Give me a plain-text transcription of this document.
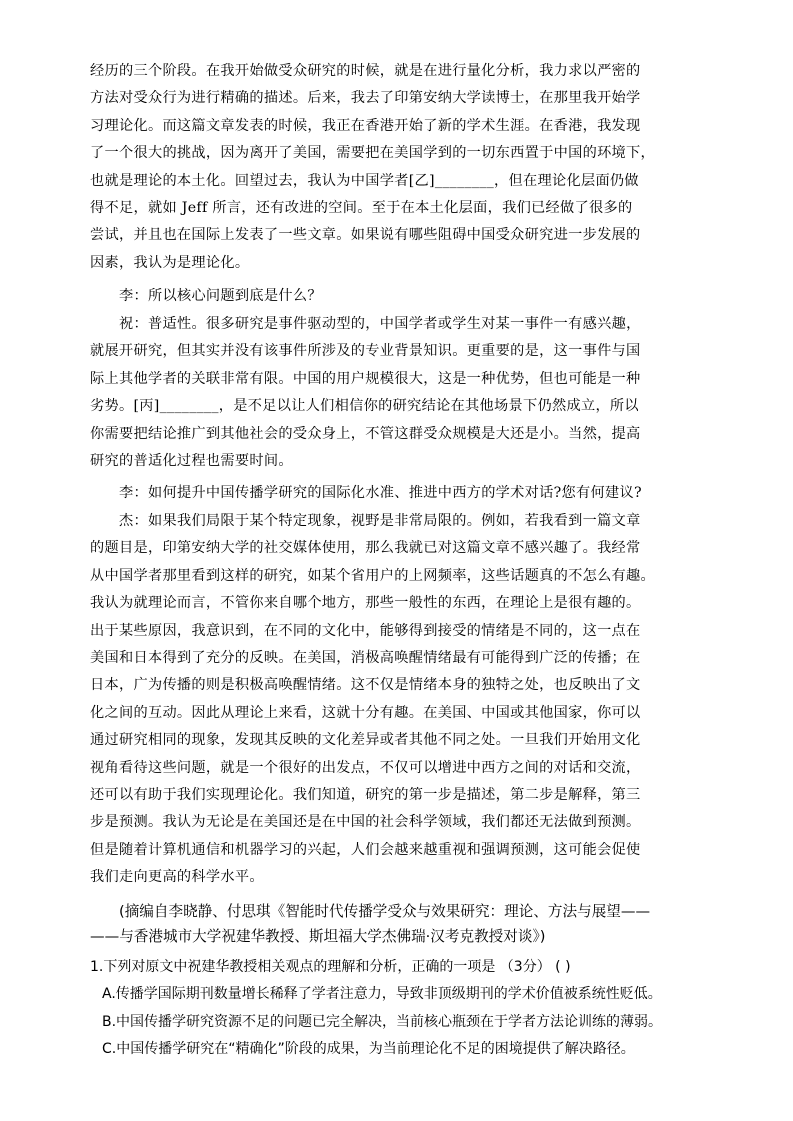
经历的三个阶段。在我开始做受众研究的时候，就是在进行量化分析，我力求以严密的

方法对受众行为进行精确的描述。后来，我去了印第安纳大学读博士，在那里我开始学

习理论化。而这篇文章发表的时候，我正在香港开始了新的学术生涯。在香港，我发现

了一个很大的挑战，因为离开了美国，需要把在美国学到的一切东西置于中国的环境下，

也就是理论的本土化。回望过去，我认为中国学者[乙]________，但在理论化层面仍做

得不足，就如 Jeff 所言，还有改进的空间。至于在本土化层面，我们已经做了很多的

尝试，并且也在国际上发表了一些文章。如果说有哪些阻碍中国受众研究进一步发展的

因素，我认为是理论化。

李：所以核心问题到底是什么？

祝：普适性。很多研究是事件驱动型的，中国学者或学生对某一事件一有感兴趣，

就展开研究，但其实并没有该事件所涉及的专业背景知识。更重要的是，这一事件与国

际上其他学者的关联非常有限。中国的用户规模很大，这是一种优势，但也可能是一种

劣势。[丙]________，是不足以让人们相信你的研究结论在其他场景下仍然成立，所以

你需要把结论推广到其他社会的受众身上，不管这群受众规模是大还是小。当然，提高

研究的普适化过程也需要时间。

李：如何提升中国传播学研究的国际化水准、推进中西方的学术对话?您有何建议?

杰：如果我们局限于某个特定现象，视野是非常局限的。例如，若我看到一篇文章

的题目是，印第安纳大学的社交媒体使用，那么我就已对这篇文章不感兴趣了。我经常

从中国学者那里看到这样的研究，如某个省用户的上网频率，这些话题真的不怎么有趣。

我认为就理论而言，不管你来自哪个地方，那些一般性的东西，在理论上是很有趣的。

出于某些原因，我意识到，在不同的文化中，能够得到接受的情绪是不同的，这一点在

美国和日本得到了充分的反映。在美国，消极高唤醒情绪最有可能得到广泛的传播；在

日本，广为传播的则是积极高唤醒情绪。这不仅是情绪本身的独特之处，也反映出了文

化之间的互动。因此从理论上来看，这就十分有趣。在美国、中国或其他国家，你可以

通过研究相同的现象，发现其反映的文化差异或者其他不同之处。一旦我们开始用文化

视角看待这些问题，就是一个很好的出发点，不仅可以增进中西方之间的对话和交流，

还可以有助于我们实现理论化。我们知道，研究的第一步是描述，第二步是解释，第三

步是预测。我认为无论是在美国还是在中国的社会科学领域，我们都还无法做到预测。

但是随着计算机通信和机器学习的兴起，人们会越来越重视和强调预测，这可能会促使

我们走向更高的科学水平。

(摘编自李晓静、付思琪《智能时代传播学受众与效果研究：理论、方法与展望——
——与香港城市大学祝建华教授、斯坦福大学杰佛瑞·汉考克教授对谈》)

1.下列对原文中祝建华教授相关观点的理解和分析，正确的一项是 （3分） ( )

A.传播学国际期刊数量增长稀释了学者注意力，导致非顶级期刊的学术价值被系统性贬低。

B.中国传播学研究资源不足的问题已完全解决，当前核心瓶颈在于学者方法论训练的薄弱。

C.中国传播学研究在“精确化”阶段的成果，为当前理论化不足的困境提供了解决路径。
